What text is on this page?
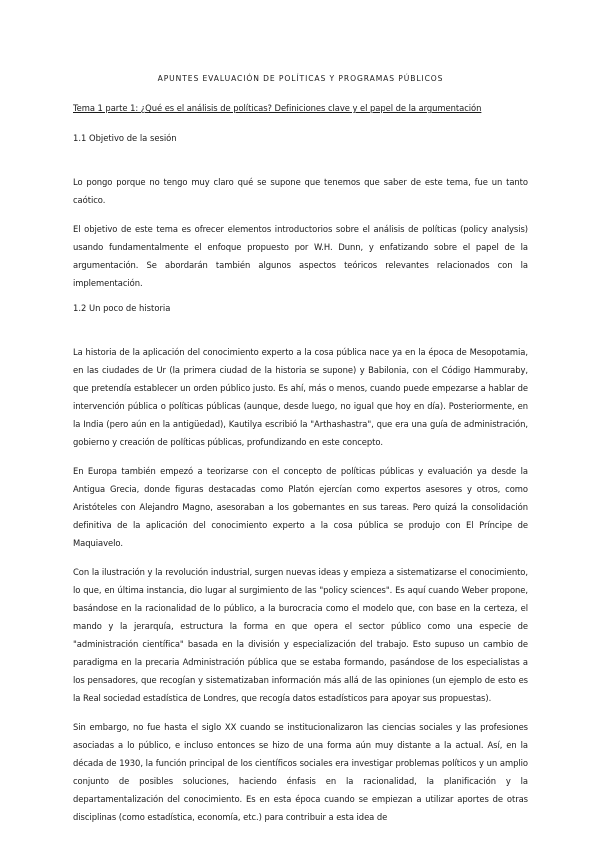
APUNTES EVALUACIÓN DE POLÍTICAS Y PROGRAMAS PÚBLICOS
Tema 1 parte 1: ¿Qué es el análisis de políticas? Definiciones clave y el papel de la argumentación
1.1 Objetivo de la sesión

Lo pongo porque no tengo muy claro qué se supone que tenemos que saber de este tema, fue un tanto caótico.

El objetivo de este tema es ofrecer elementos introductorios sobre el análisis de políticas (policy analysis) usando fundamentalmente el enfoque propuesto por W.H. Dunn, y enfatizando sobre el papel de la argumentación. Se abordarán también algunos aspectos teóricos relevantes relacionados con la implementación.

1.2 Un poco de historia

La historia de la aplicación del conocimiento experto a la cosa pública nace ya en la época de Mesopotamia, en las ciudades de Ur (la primera ciudad de la historia se supone) y Babilonia, con el Código Hammuraby, que pretendía establecer un orden público justo. Es ahí, más o menos, cuando puede empezarse a hablar de intervención pública o políticas públicas (aunque, desde luego, no igual que hoy en día). Posteriormente, en la India (pero aún en la antigüedad), Kautilya escribió la "Arthashastra", que era una guía de administración, gobierno y creación de políticas públicas, profundizando en este concepto.

En Europa también empezó a teorizarse con el concepto de políticas públicas y evaluación ya desde la Antigua Grecia, donde figuras destacadas como Platón ejercían como expertos asesores y otros, como Aristóteles con Alejandro Magno, asesoraban a los gobernantes en sus tareas. Pero quizá la consolidación definitiva de la aplicación del conocimiento experto a la cosa pública se produjo con El Príncipe de Maquiavelo.

Con la ilustración y la revolución industrial, surgen nuevas ideas y empieza a sistematizarse el conocimiento, lo que, en última instancia, dio lugar al surgimiento de las "policy sciences". Es aquí cuando Weber propone, basándose en la racionalidad de lo público, a la burocracia como el modelo que, con base en la certeza, el mando y la jerarquía, estructura la forma en que opera el sector público como una especie de "administración científica" basada en la división y especialización del trabajo. Esto supuso un cambio de paradigma en la precaria Administración pública que se estaba formando, pasándose de los especialistas a los pensadores, que recogían y sistematizaban información más allá de las opiniones (un ejemplo de esto es la Real sociedad estadística de Londres, que recogía datos estadísticos para apoyar sus propuestas).

Sin embargo, no fue hasta el siglo XX cuando se institucionalizaron las ciencias sociales y las profesiones asociadas a lo público, e incluso entonces se hizo de una forma aún muy distante a la actual. Así, en la década de 1930, la función principal de los científicos sociales era investigar problemas políticos y un amplio conjunto de posibles soluciones, haciendo énfasis en la racionalidad, la planificación y la departamentalización del conocimiento. Es en esta época cuando se empiezan a utilizar aportes de otras disciplinas (como estadística, economía, etc.) para contribuir a esta idea de
